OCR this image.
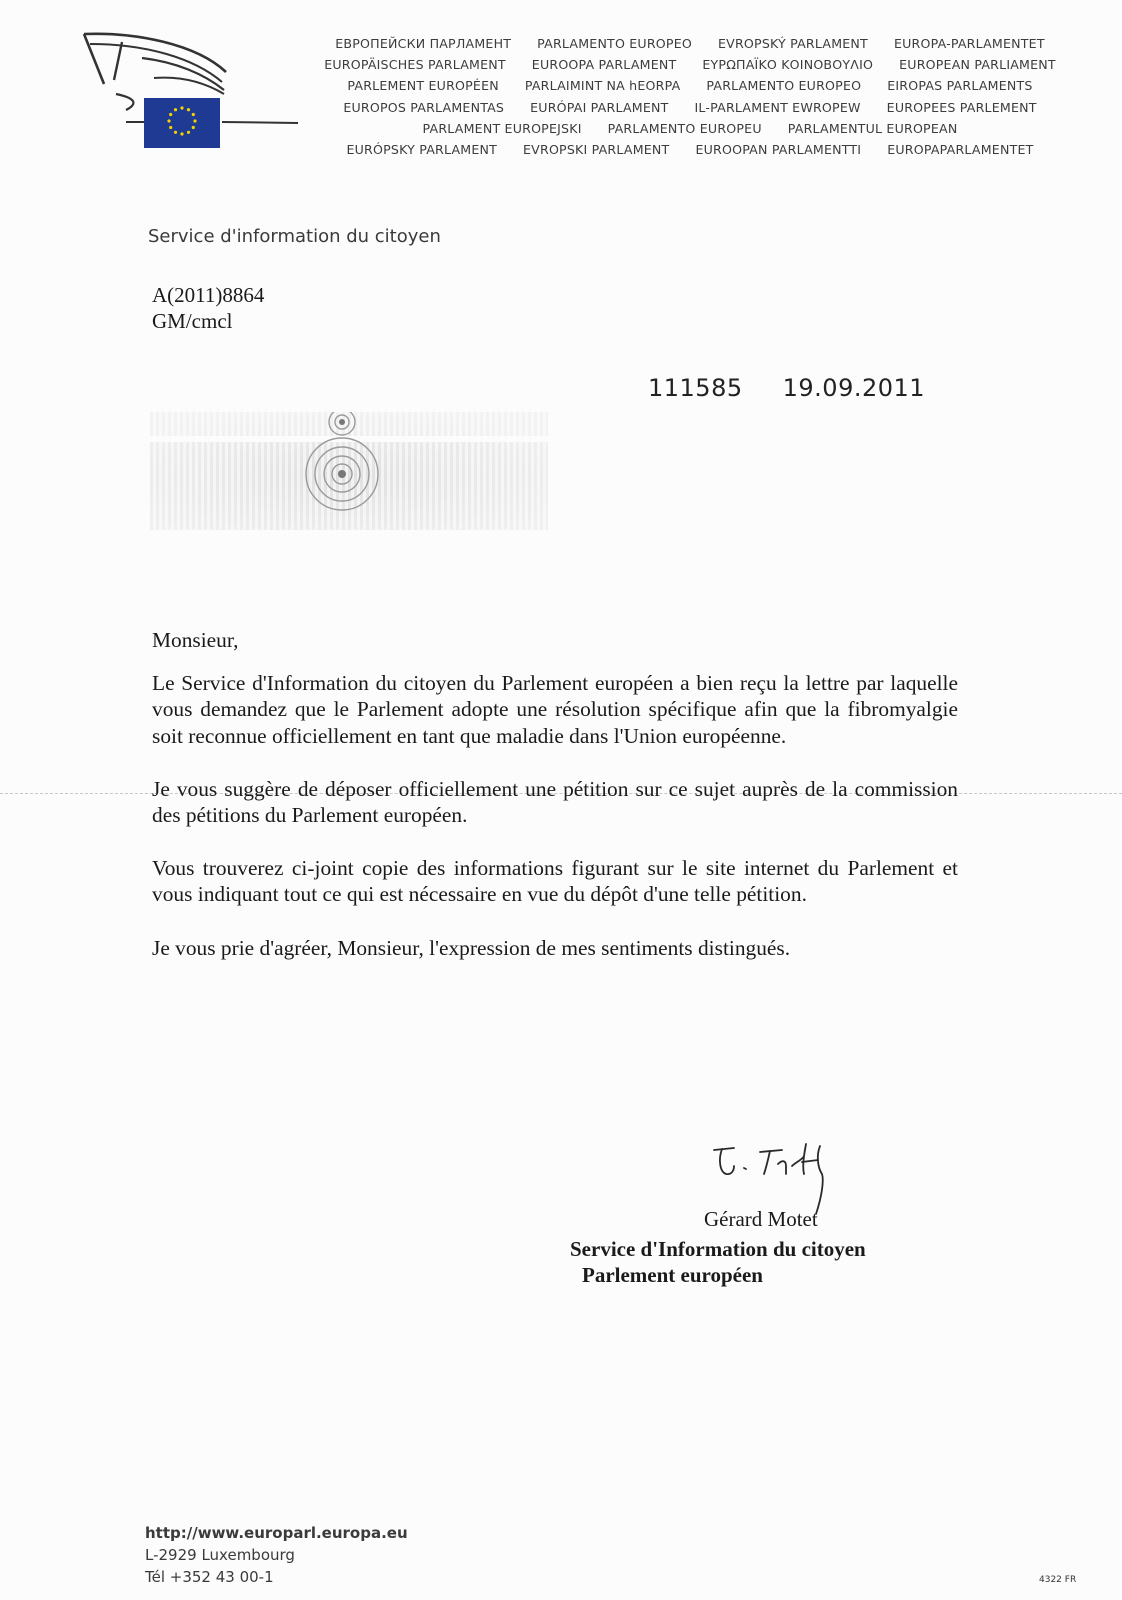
ЕВРОПЕЙСКИ ПАРЛАМЕНТ PARLAMENTO EUROPEO EVROPSKÝ PARLAMENT EUROPA-PARLAMENTET
EUROPÄISCHES PARLAMENT EUROOPA PARLAMENT ΕΥΡΩΠΑΪΚΟ ΚΟΙΝΟΒΟΥΛΙΟ EUROPEAN PARLIAMENT
PARLEMENT EUROPÉEN PARLAIMINT NA hEORPA PARLAMENTO EUROPEO EIROPAS PARLAMENTS
EUROPOS PARLAMENTAS EURÓPAI PARLAMENT IL-PARLAMENT EWROPEW EUROPEES PARLEMENT
PARLAMENT EUROPEJSKI PARLAMENTO EUROPEU PARLAMENTUL EUROPEAN
EURÓPSKY PARLAMENT EVROPSKI PARLAMENT EUROOPAN PARLAMENTTI EUROPAPARLAMENTET
Service d'information du citoyen
A(2011)8864
GM/cmcl
111585 19.09.2011

Monsieur,

Le Service d'Information du citoyen du Parlement européen a bien reçu la lettre par laquelle vous demandez que le Parlement adopte une résolution spécifique afin que la fibromyalgie soit reconnue officiellement en tant que maladie dans l'Union européenne.

Je vous suggère de déposer officiellement une pétition sur ce sujet auprès de la commission des pétitions du Parlement européen.

Vous trouverez ci-joint copie des informations figurant sur le site internet du Parlement et vous indiquant tout ce qui est nécessaire en vue du dépôt d'une telle pétition.

Je vous prie d'agréer, Monsieur, l'expression de mes sentiments distingués.

Gérard Motet
Service d'Information du citoyen
Parlement européen
http://www.europarl.europa.eu
L-2929 Luxembourg
Tél +352 43 00-1	4322 FR
